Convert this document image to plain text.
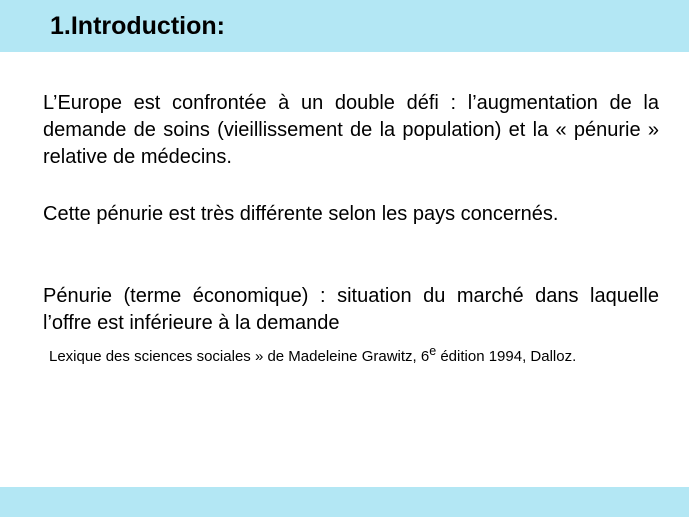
1.Introduction:

L’Europe est confrontée à un double défi : l’augmentation de la demande de soins (vieillissement de la population) et la « pénurie » relative de médecins.

Cette pénurie est très différente selon les pays concernés.

Pénurie (terme économique) : situation du marché dans laquelle l’offre est inférieure à la demande

Lexique des sciences sociales » de Madeleine Grawitz, 6e édition 1994, Dalloz.
